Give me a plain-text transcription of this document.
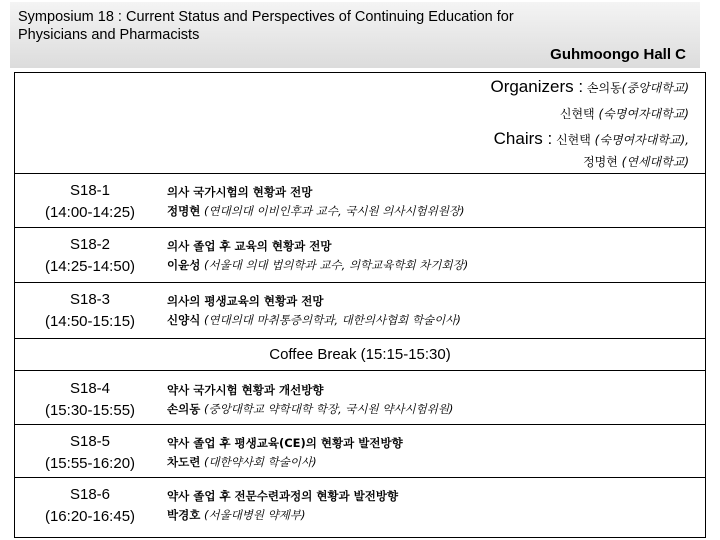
Symposium 18 : Current Status and Perspectives of Continuing Education for
Physicians and Pharmacists
Guhmoongo Hall C
Organizers : 손의동(중앙대학교)
신현택 (숙명여자대학교)
Chairs : 신현택 (숙명여자대학교),
정명현 (연세대학교)
S18-1
(14:00-14:25)
의사 국가시험의 현황과 전망
정명현 (연대의대 이비인후과 교수, 국시원 의사시험위원장)
S18-2
(14:25-14:50)
의사 졸업 후 교육의 현황과 전망
이윤성 (서울대 의대 법의학과 교수, 의학교육학회 차기회장)
S18-3
(14:50-15:15)
의사의 평생교육의 현황과 전망
신양식 (연대의대 마취통증의학과, 대한의사협회 학술이사)
Coffee Break (15:15-15:30)
S18-4
(15:30-15:55)
약사 국가시험 현황과 개선방향
손의동 (중앙대학교 약학대학 학장, 국시원 약사시험위원)
S18-5
(15:55-16:20)
약사 졸업 후 평생교육(CE)의 현황과 발전방향
차도련 (대한약사회 학술이사)
S18-6
(16:20-16:45)
약사 졸업 후 전문수련과정의 현황과 발전방향
박경호 (서울대병원 약제부)
